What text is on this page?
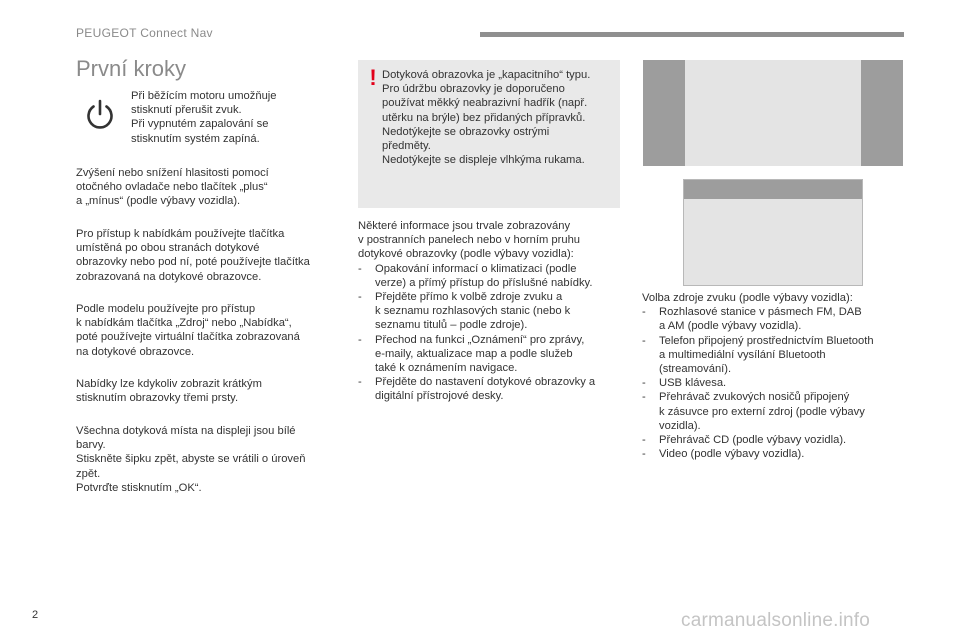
PEUGEOT Connect Nav
První kroky
Při běžícím motoru umožňuje
stisknutí přerušit zvuk.
Při vypnutém zapalování se
stisknutím systém zapíná.
Zvýšení nebo snížení hlasitosti pomocí
otočného ovladače nebo tlačítek „plus“
a „mínus“ (podle výbavy vozidla).
Pro přístup k nabídkám používejte tlačítka
umístěná po obou stranách dotykové
obrazovky nebo pod ní, poté používejte tlačítka
zobrazovaná na dotykové obrazovce.
Podle modelu používejte pro přístup
k nabídkám tlačítka „Zdroj“ nebo „Nabídka“,
poté používejte virtuální tlačítka zobrazovaná
na dotykové obrazovce.
Nabídky lze kdykoliv zobrazit krátkým
stisknutím obrazovky třemi prsty.
Všechna dotyková místa na displeji jsou bílé
barvy.
Stiskněte šipku zpět, abyste se vrátili o úroveň
zpět.
Potvrďte stisknutím „OK“.
! Dotyková obrazovka je „kapacitního“ typu.
Pro údržbu obrazovky je doporučeno
používat měkký neabrazivní hadřík (např.
utěrku na brýle) bez přidaných přípravků.
Nedotýkejte se obrazovky ostrými
předměty.
Nedotýkejte se displeje vlhkýma rukama.
Některé informace jsou trvale zobrazovány
v postranních panelech nebo v horním pruhu
dotykové obrazovky (podle výbavy vozidla):
- Opakování informací o klimatizaci (podle
verze) a přímý přístup do příslušné nabídky.
- Přejděte přímo k volbě zdroje zvuku a
k seznamu rozhlasových stanic (nebo k
seznamu titulů – podle zdroje).
- Přechod na funkci „Oznámení“ pro zprávy,
e-maily, aktualizace map a podle služeb
také k oznámením navigace.
- Přejděte do nastavení dotykové obrazovky a
digitální přístrojové desky.
Volba zdroje zvuku (podle výbavy vozidla):
- Rozhlasové stanice v pásmech FM, DAB
a AM (podle výbavy vozidla).
- Telefon připojený prostřednictvím Bluetooth
a multimediální vysílání Bluetooth
(streamování).
- USB klávesa.
- Přehrávač zvukových nosičů připojený
k zásuvce pro externí zdroj (podle výbavy
vozidla).
- Přehrávač CD (podle výbavy vozidla).
- Video (podle výbavy vozidla).
2	carmanualsonline.info
